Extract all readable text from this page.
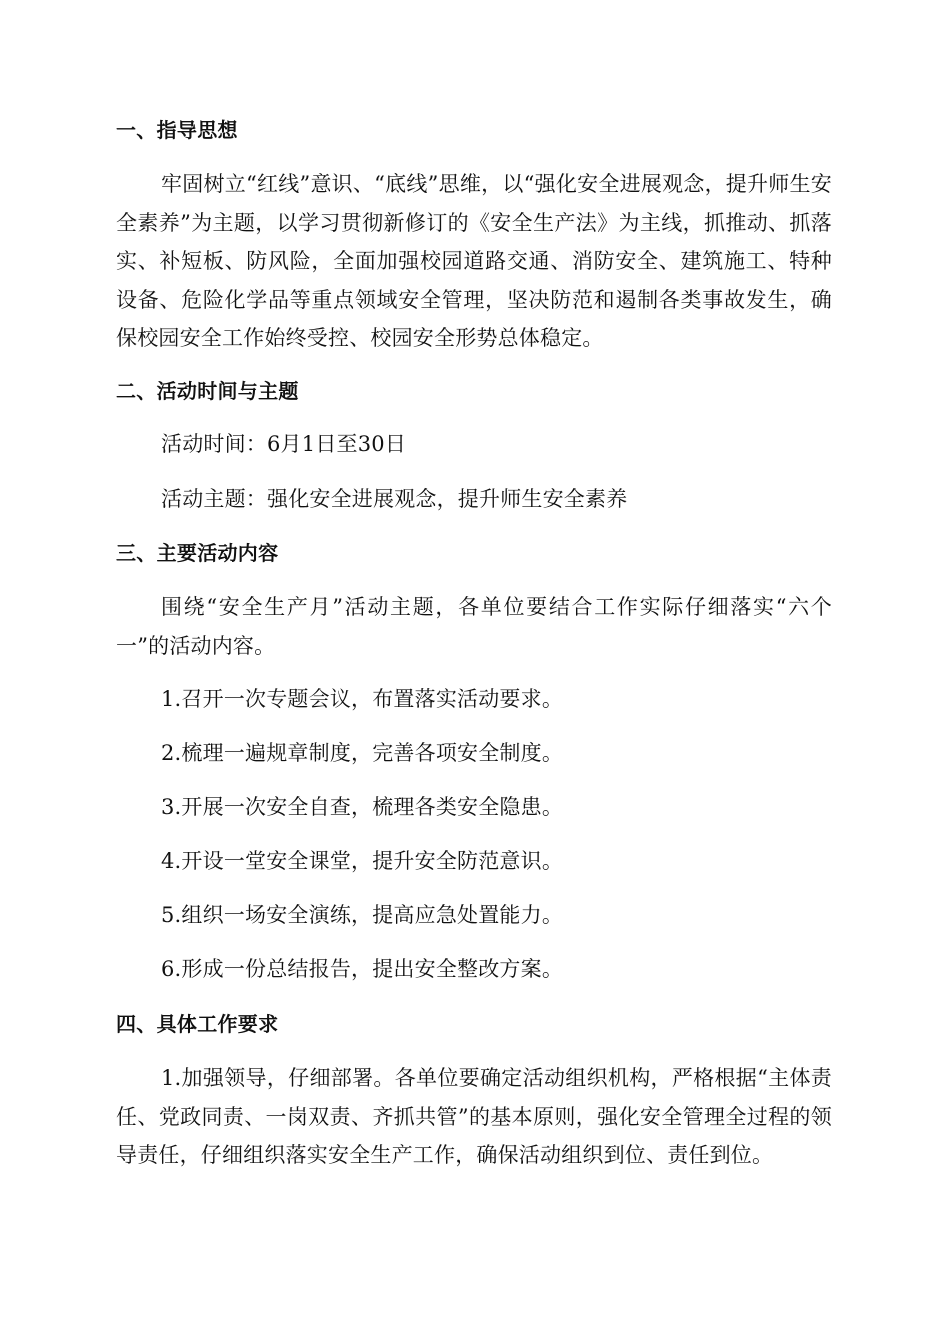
一、指导思想
牢固树立“红线”意识、“底线”思维，以“强化安全进展观念，提升师生安全素养”为主题，以学习贯彻新修订的《安全生产法》为主线，抓推动、抓落实、补短板、防风险，全面加强校园道路交通、消防安全、建筑施工、特种设备、危险化学品等重点领域安全管理，坚决防范和遏制各类事故发生，确保校园安全工作始终受控、校园安全形势总体稳定。
二、活动时间与主题
活动时间：6月1日至30日
活动主题：强化安全进展观念，提升师生安全素养
三、主要活动内容
围绕“安全生产月”活动主题，各单位要结合工作实际仔细落实“六个一”的活动内容。
1.召开一次专题会议，布置落实活动要求。
2.梳理一遍规章制度，完善各项安全制度。
3.开展一次安全自查，梳理各类安全隐患。
4.开设一堂安全课堂，提升安全防范意识。
5.组织一场安全演练，提高应急处置能力。
6.形成一份总结报告，提出安全整改方案。
四、具体工作要求
1.加强领导，仔细部署。各单位要确定活动组织机构，严格根据“主体责任、党政同责、一岗双责、齐抓共管”的基本原则，强化安全管理全过程的领导责任，仔细组织落实安全生产工作，确保活动组织到位、责任到位。
